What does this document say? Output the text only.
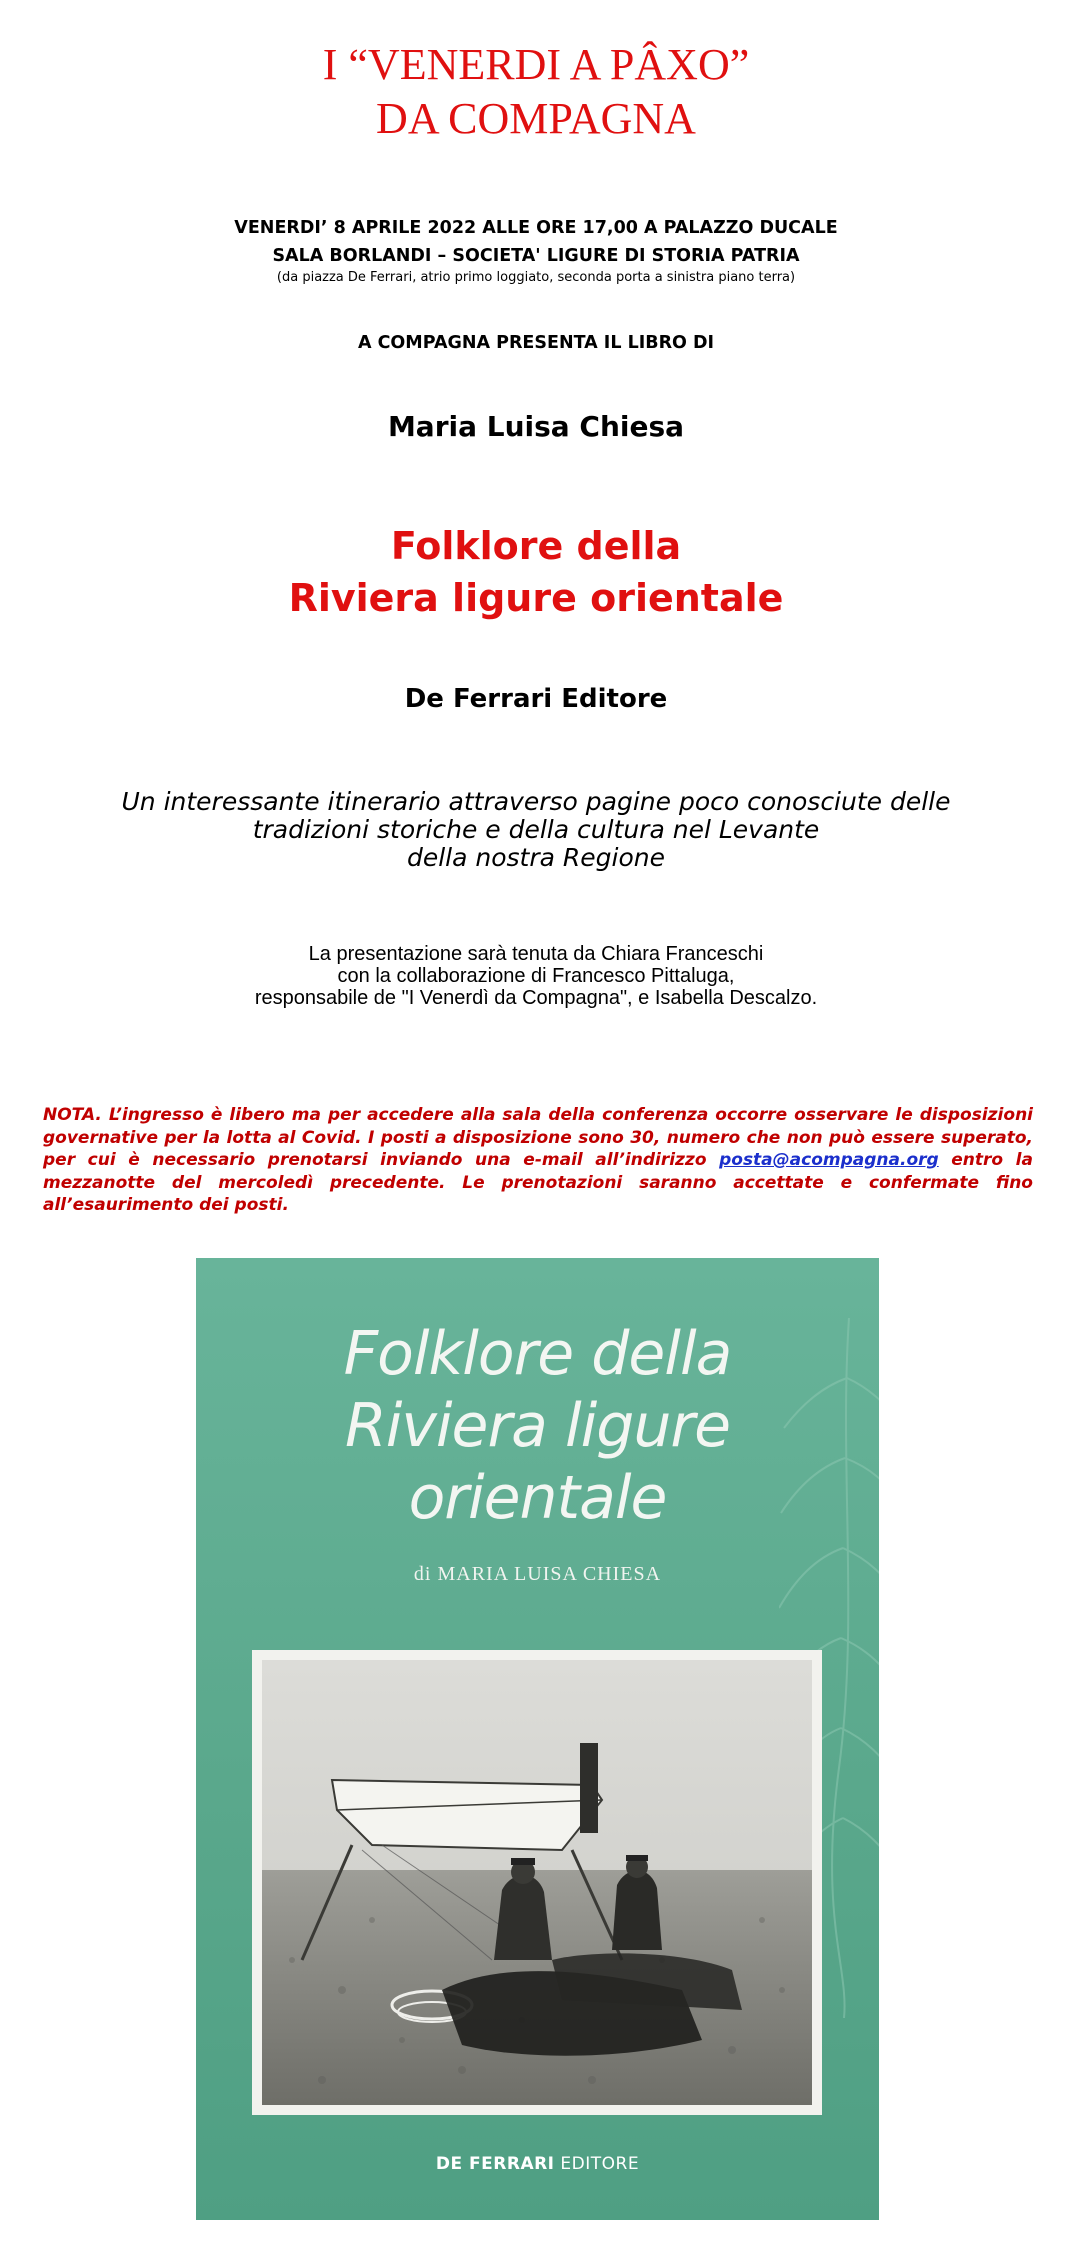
I “VENERDI A PÂXO”
DA COMPAGNA
VENERDI’ 8 APRILE 2022 ALLE ORE 17,00 A PALAZZO DUCALE
SALA BORLANDI – SOCIETA' LIGURE DI STORIA PATRIA
(da piazza De Ferrari, atrio primo loggiato, seconda porta a sinistra piano terra)
A COMPAGNA PRESENTA IL LIBRO DI
Maria Luisa Chiesa
Folklore della
Riviera ligure orientale
De Ferrari Editore
Un interessante itinerario attraverso pagine poco conosciute delle
tradizioni storiche e della cultura nel Levante
della nostra Regione
La presentazione sarà tenuta da Chiara Franceschi
con la collaborazione di Francesco Pittaluga,
responsabile de "I Venerdì da Compagna", e Isabella Descalzo.
NOTA. L’ingresso è libero ma per accedere alla sala della conferenza occorre osservare le disposizioni governative per la lotta al Covid. I posti a disposizione sono 30, numero che non può essere superato, per cui è necessario prenotarsi inviando una e-mail all’indirizzo posta@acompagna.org entro la mezzanotte del mercoledì precedente. Le prenotazioni saranno accettate e confermate fino all’esaurimento dei posti.
Folklore della
Riviera ligure
orientale
di MARIA LUISA CHIESA
DE FERRARI EDITORE
